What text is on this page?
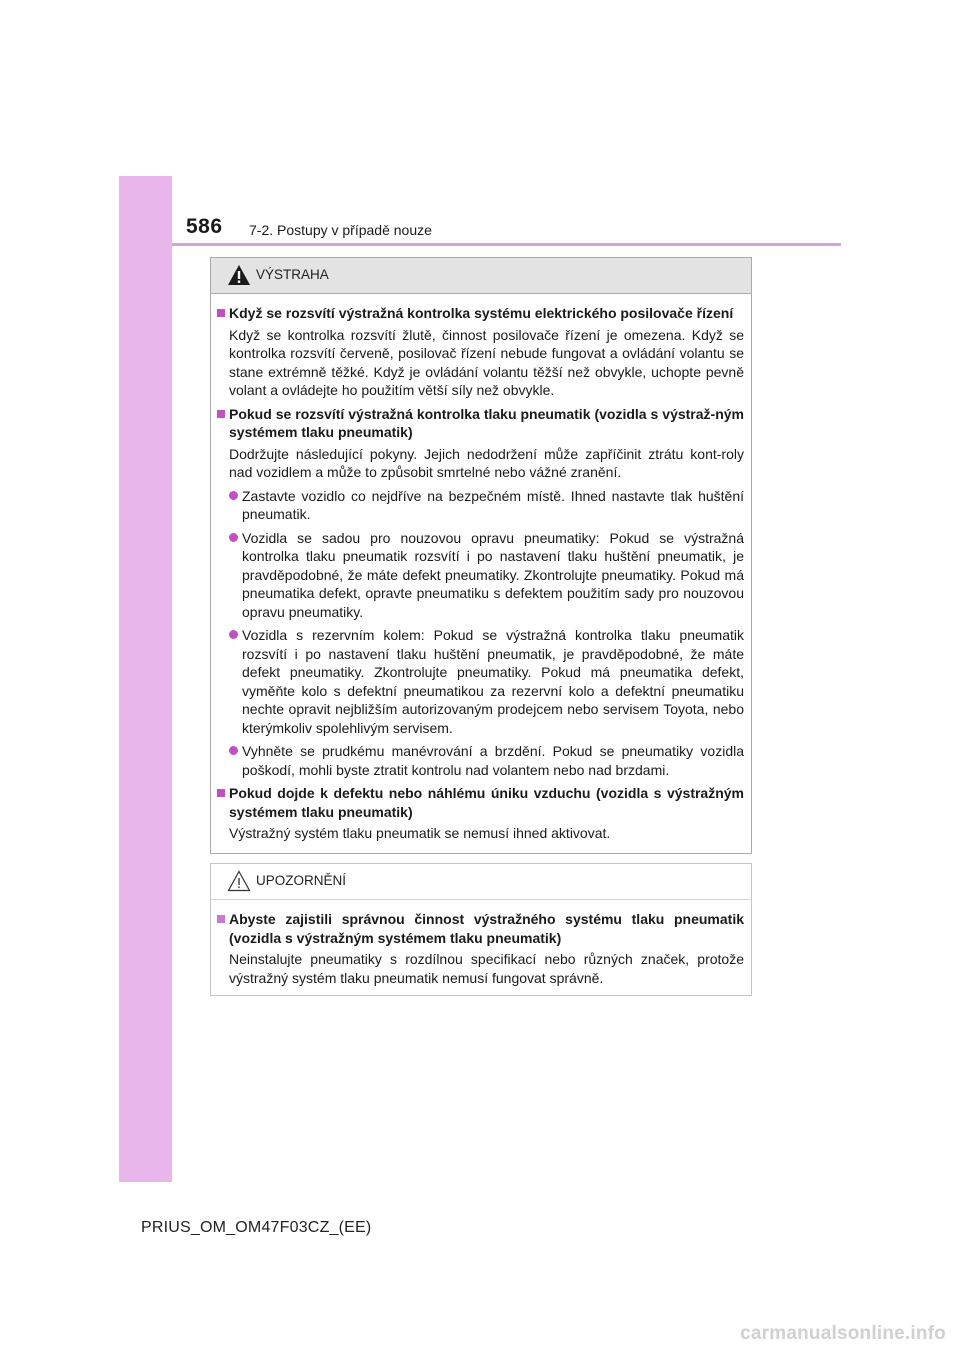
586 7-2. Postupy v případě nouze
VÝSTRAHA
Když se rozsvítí výstražná kontrolka systému elektrického posilovače řízení
Když se kontrolka rozsvítí žlutě, činnost posilovače řízení je omezena. Když se kontrolka rozsvítí červeně, posilovač řízení nebude fungovat a ovládání volantu se stane extrémně těžké. Když je ovládání volantu těžší než obvykle, uchopte pevně volant a ovládejte ho použitím větší síly než obvykle.
Pokud se rozsvítí výstražná kontrolka tlaku pneumatik (vozidla s výstraž-ným systémem tlaku pneumatik)
Dodržujte následující pokyny. Jejich nedodržení může zapříčinit ztrátu kont-roly nad vozidlem a může to způsobit smrtelné nebo vážné zranění.
Zastavte vozidlo co nejdříve na bezpečném místě. Ihned nastavte tlak huštění pneumatik.
Vozidla se sadou pro nouzovou opravu pneumatiky: Pokud se výstražná kontrolka tlaku pneumatik rozsvítí i po nastavení tlaku huštění pneumatik, je pravděpodobné, že máte defekt pneumatiky. Zkontrolujte pneumatiky. Pokud má pneumatika defekt, opravte pneumatiku s defektem použitím sady pro nouzovou opravu pneumatiky.
Vozidla s rezervním kolem: Pokud se výstražná kontrolka tlaku pneumatik rozsvítí i po nastavení tlaku huštění pneumatik, je pravděpodobné, že máte defekt pneumatiky. Zkontrolujte pneumatiky. Pokud má pneumatika defekt, vyměňte kolo s defektní pneumatikou za rezervní kolo a defektní pneumatiku nechte opravit nejbližším autorizovaným prodejcem nebo servisem Toyota, nebo kterýmkoliv spolehlivým servisem.
Vyhněte se prudkému manévrování a brzdění. Pokud se pneumatiky vozidla poškodí, mohli byste ztratit kontrolu nad volantem nebo nad brzdami.
Pokud dojde k defektu nebo náhlému úniku vzduchu (vozidla s výstražným systémem tlaku pneumatik)
Výstražný systém tlaku pneumatik se nemusí ihned aktivovat.
UPOZORNĚNÍ
Abyste zajistili správnou činnost výstražného systému tlaku pneumatik (vozidla s výstražným systémem tlaku pneumatik)
Neinstalujte pneumatiky s rozdílnou specifikací nebo různých značek, protože výstražný systém tlaku pneumatik nemusí fungovat správně.
PRIUS_OM_OM47F03CZ_(EE)
carmanualsonline.info
